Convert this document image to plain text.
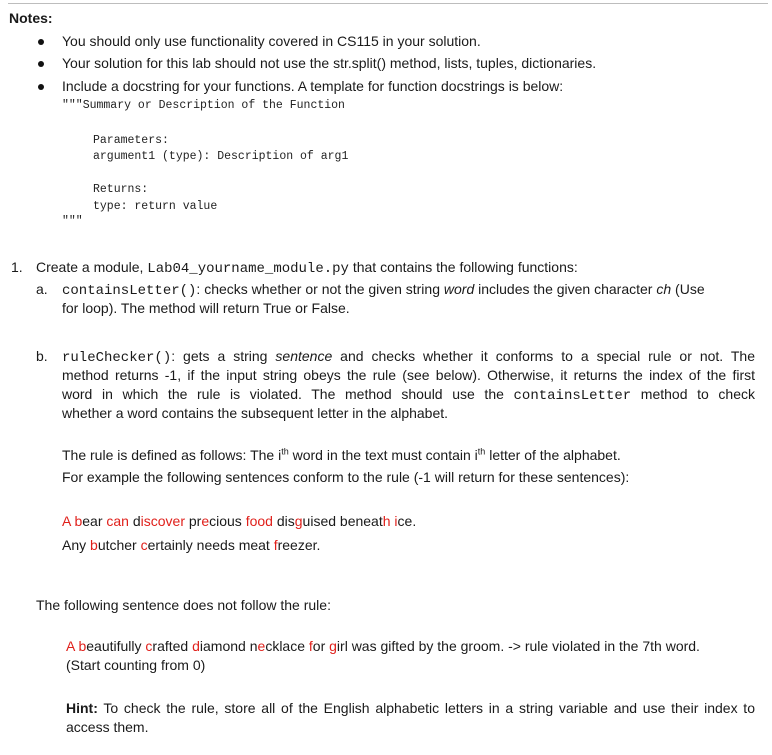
Notes:
You should only use functionality covered in CS115 in your solution.
Your solution for this lab should not use the str.split() method, lists, tuples, dictionaries.
Include a docstring for your functions. A template for function docstrings is below:
"""Summary or Description of the Function
Parameters:
argument1 (type): Description of arg1
Returns:
type: return value
"""
1. Create a module, Lab04_yourname_module.py that contains the following functions:
a. containsLetter(): checks whether or not the given string word includes the given character ch (Use
for loop). The method will return True or False.
b. ruleChecker(): gets a string sentence and checks whether it conforms to a special rule or not. The
method returns -1, if the input string obeys the rule (see below). Otherwise, it returns the index of the first
word in which the rule is violated. The method should use the containsLetter method to check
whether a word contains the subsequent letter in the alphabet.
The rule is defined as follows: The $i^{th}$ word in the text must contain $i^{th}$ letter of the alphabet.
For example the following sentences conform to the rule (-1 will return for these sentences):
A bear can discover precious food disguised beneath ice.
Any butcher certainly needs meat freezer.
The following sentence does not follow the rule:
A beautifully crafted diamond necklace for girl was gifted by the groom. -> rule violated in the 7th word.
(Start counting from 0)
Hint: To check the rule, store all of the English alphabetic letters in a string variable and use their index to
access them.
